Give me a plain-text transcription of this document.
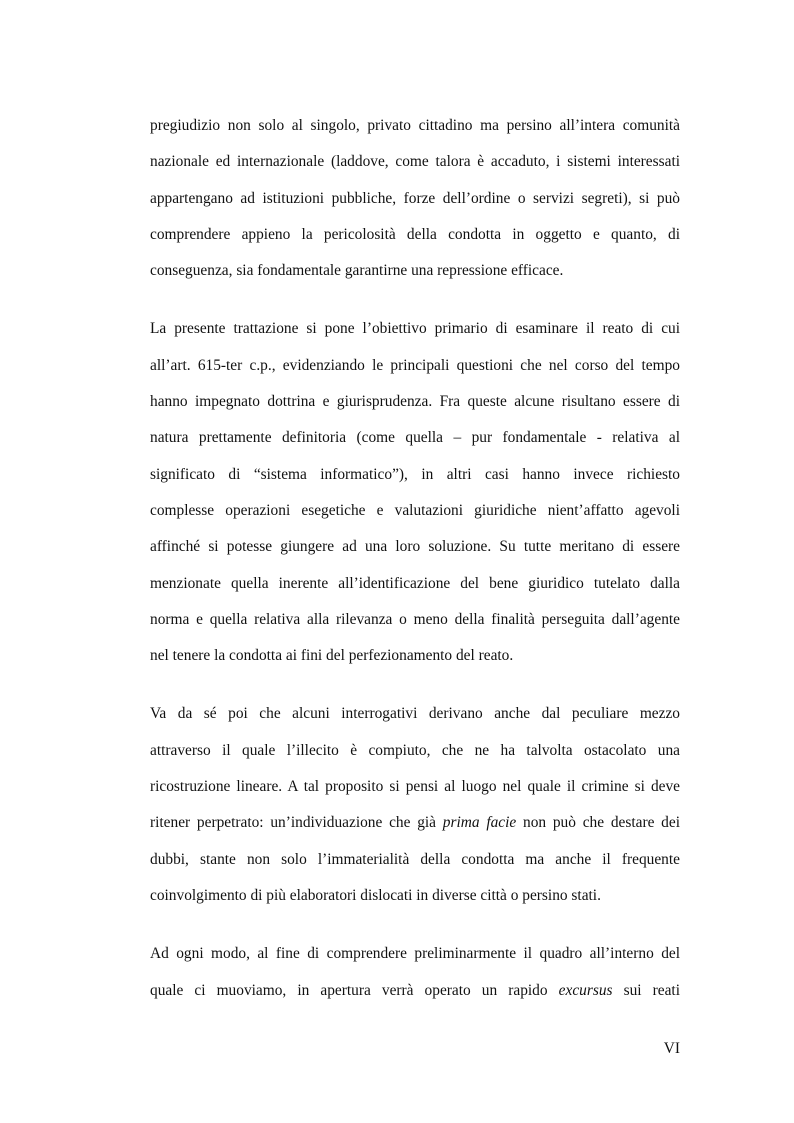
pregiudizio non solo al singolo, privato cittadino ma persino all’intera comunità
nazionale ed internazionale (laddove, come talora è accaduto, i sistemi interessati
appartengano ad istituzioni pubbliche, forze dell’ordine o servizi segreti), si può
comprendere appieno la pericolosità della condotta in oggetto e quanto, di
conseguenza, sia fondamentale garantirne una repressione efficace.

La presente trattazione si pone l’obiettivo primario di esaminare il reato di cui
all’art. 615-ter c.p., evidenziando le principali questioni che nel corso del tempo
hanno impegnato dottrina e giurisprudenza. Fra queste alcune risultano essere di
natura prettamente definitoria (come quella – pur fondamentale - relativa al
significato di “sistema informatico”), in altri casi hanno invece richiesto
complesse operazioni esegetiche e valutazioni giuridiche nient’affatto agevoli
affinché si potesse giungere ad una loro soluzione. Su tutte meritano di essere
menzionate quella inerente all’identificazione del bene giuridico tutelato dalla
norma e quella relativa alla rilevanza o meno della finalità perseguita dall’agente
nel tenere la condotta ai fini del perfezionamento del reato.

Va da sé poi che alcuni interrogativi derivano anche dal peculiare mezzo
attraverso il quale l’illecito è compiuto, che ne ha talvolta ostacolato una
ricostruzione lineare. A tal proposito si pensi al luogo nel quale il crimine si deve
ritener perpetrato: un’individuazione che già prima facie non può che destare dei
dubbi, stante non solo l’immaterialità della condotta ma anche il frequente
coinvolgimento di più elaboratori dislocati in diverse città o persino stati.

Ad ogni modo, al fine di comprendere preliminarmente il quadro all’interno del
quale ci muoviamo, in apertura verrà operato un rapido excursus sui reati

VI
